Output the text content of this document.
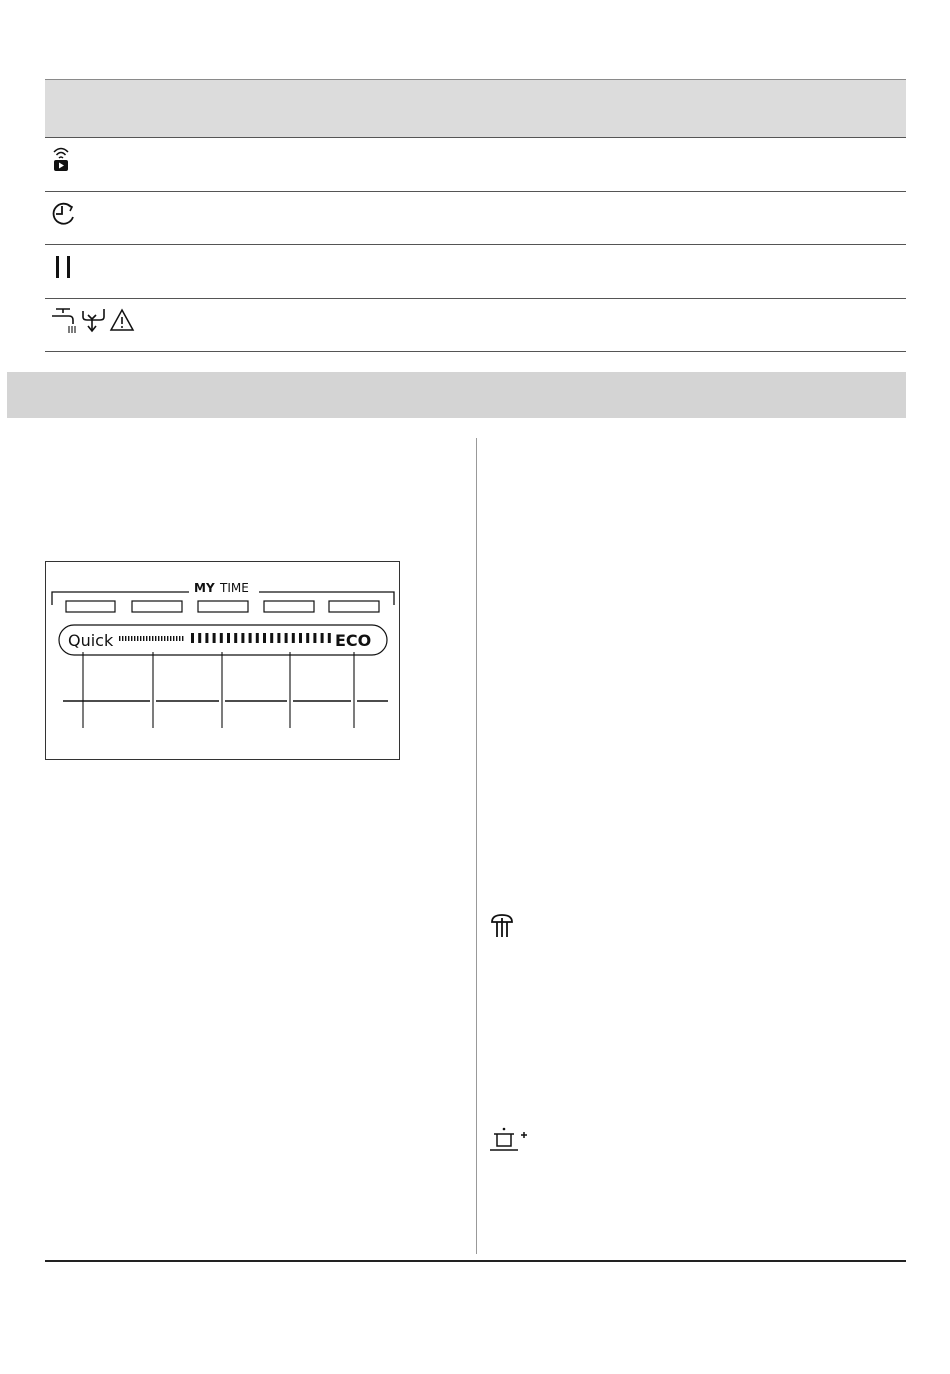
MY TIME
Quick	ECO
